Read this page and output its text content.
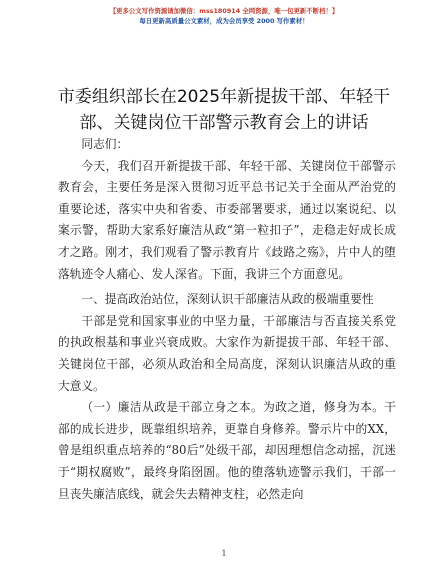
【更多公文写作资源请加微信：mss180914 全网资源，唯一包更新不断档！】
每日更新高质量公文素材，成为会员享受 2000 写作素材！
市委组织部长在2025年新提拔干部、年轻干
部、关键岗位干部警示教育会上的讲话

同志们：

今天，我们召开新提拔干部、年轻干部、关键岗位干部警示教育会，主要任务是深入贯彻习近平总书记关于全面从严治党的重要论述，落实中央和省委、市委部署要求，通过以案说纪、以案示警，帮助大家系好廉洁从政“第一粒扣子”，走稳走好成长成才之路。刚才，我们观看了警示教育片《歧路之殇》，片中人的堕落轨迹令人痛心、发人深省。下面，我讲三个方面意见。

一、提高政治站位，深刻认识干部廉洁从政的极端重要性

干部是党和国家事业的中坚力量，干部廉洁与否直接关系党的执政根基和事业兴衰成败。大家作为新提拔干部、年轻干部、关键岗位干部，必须从政治和全局高度，深刻认识廉洁从政的重大意义。

（一）廉洁从政是干部立身之本。为政之道，修身为本。干部的成长进步，既靠组织培养，更靠自身修养。警示片中的XX，曾是组织重点培养的“80后”处级干部，却因理想信念动摇，沉迷于“期权腐败”，最终身陷囹圄。他的堕落轨迹警示我们，干部一旦丧失廉洁底线，就会失去精神支柱，必然走向

1
